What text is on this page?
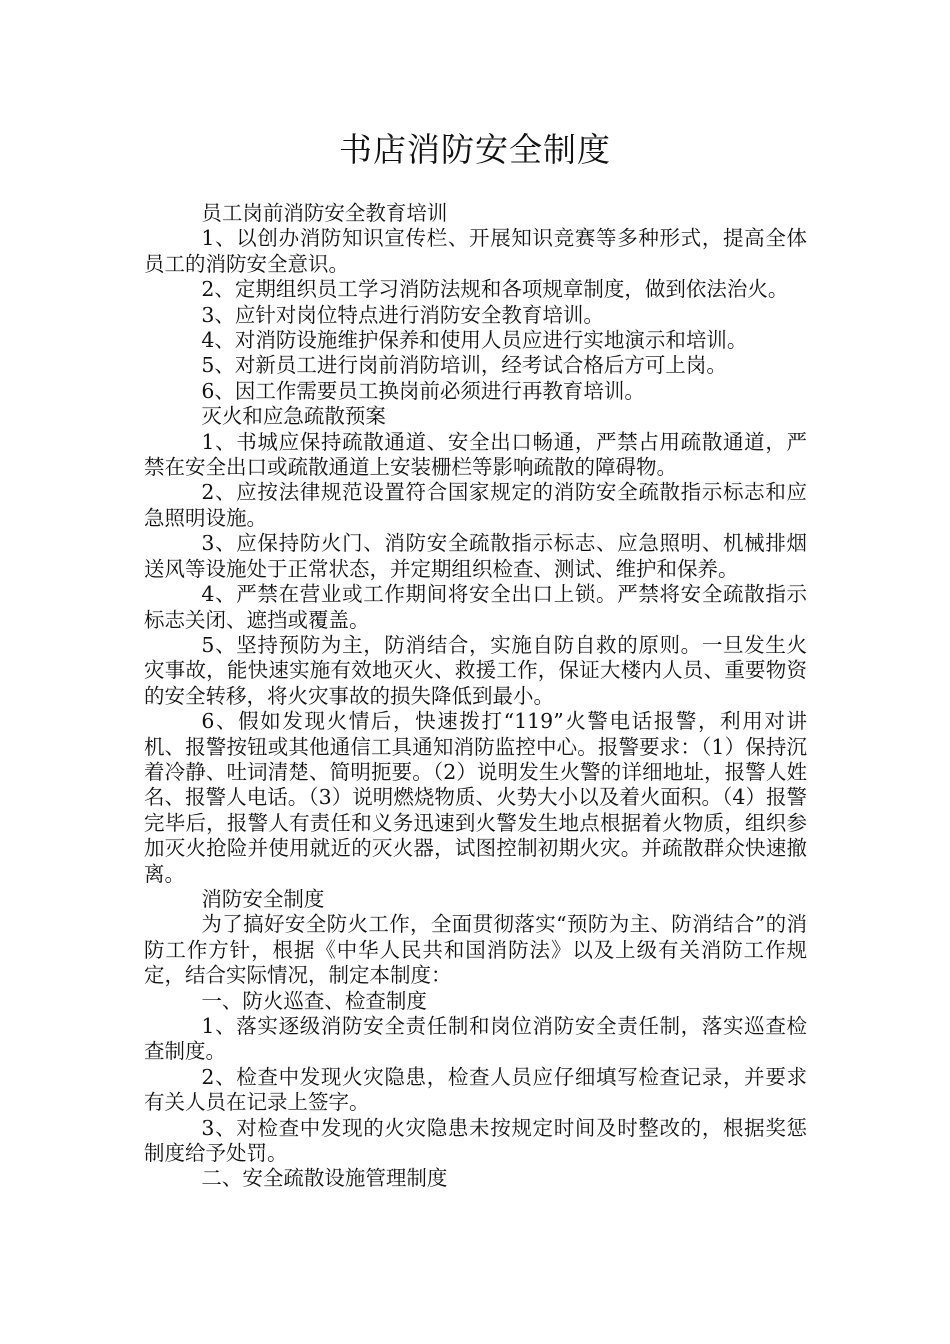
书店消防安全制度

员工岗前消防安全教育培训

1、以创办消防知识宣传栏、开展知识竞赛等多种形式，提高全体员工的消防安全意识。

2、定期组织员工学习消防法规和各项规章制度，做到依法治火。

3、应针对岗位特点进行消防安全教育培训。

4、对消防设施维护保养和使用人员应进行实地演示和培训。

5、对新员工进行岗前消防培训，经考试合格后方可上岗。

6、因工作需要员工换岗前必须进行再教育培训。

灭火和应急疏散预案

1、书城应保持疏散通道、安全出口畅通，严禁占用疏散通道，严禁在安全出口或疏散通道上安装栅栏等影响疏散的障碍物。

2、应按法律规范设置符合国家规定的消防安全疏散指示标志和应急照明设施。

3、应保持防火门、消防安全疏散指示标志、应急照明、机械排烟送风等设施处于正常状态，并定期组织检查、测试、维护和保养。

4、严禁在营业或工作期间将安全出口上锁。严禁将安全疏散指示标志关闭、遮挡或覆盖。

5、坚持预防为主，防消结合，实施自防自救的原则。一旦发生火灾事故，能快速实施有效地灭火、救援工作，保证大楼内人员、重要物资的安全转移，将火灾事故的损失降低到最小。

6、假如发现火情后，快速拨打“119”火警电话报警，利用对讲机、报警按钮或其他通信工具通知消防监控中心。报警要求：（1）保持沉着冷静、吐词清楚、简明扼要。（2）说明发生火警的详细地址，报警人姓名、报警人电话。（3）说明燃烧物质、火势大小以及着火面积。（4）报警完毕后，报警人有责任和义务迅速到火警发生地点根据着火物质，组织参加灭火抢险并使用就近的灭火器，试图控制初期火灾。并疏散群众快速撤离。

消防安全制度

为了搞好安全防火工作，全面贯彻落实“预防为主、防消结合”的消防工作方针，根据《中华人民共和国消防法》以及上级有关消防工作规定，结合实际情况，制定本制度：

一、防火巡查、检查制度

1、落实逐级消防安全责任制和岗位消防安全责任制，落实巡查检查制度。

2、检查中发现火灾隐患，检查人员应仔细填写检查记录，并要求有关人员在记录上签字。

3、对检查中发现的火灾隐患未按规定时间及时整改的，根据奖惩制度给予处罚。

二、安全疏散设施管理制度
